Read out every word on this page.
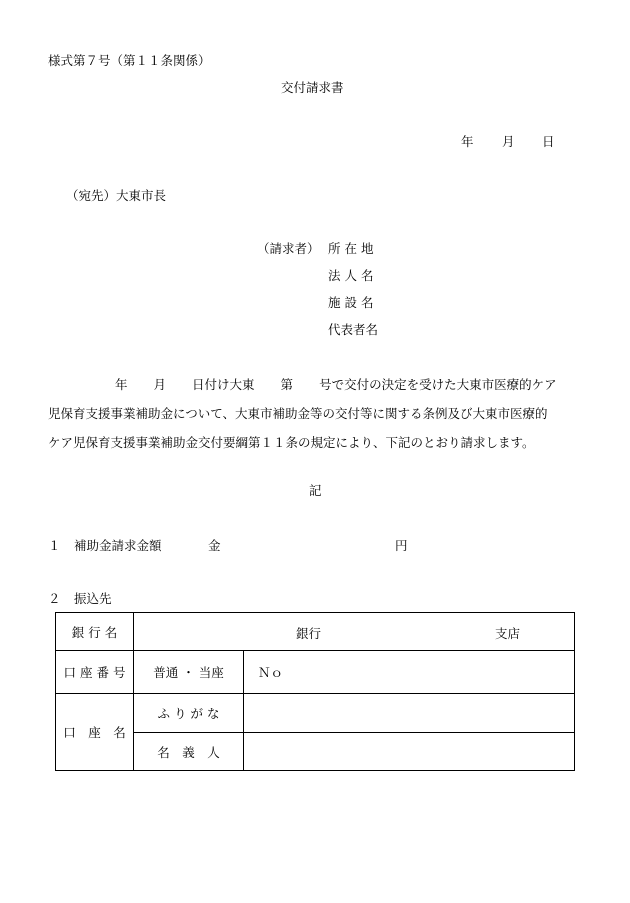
様式第７号（第１１条関係）
交付請求書
年 月 日
（宛先）大東市長
（請求者） 所 在 地
法 人 名
施 設 名
代表者名
年 月 日付け大東 第 号で交付の決定を受けた大東市医療的ケア
児保育支援事業補助金について、大東市補助金等の交付等に関する条例及び大東市医療的
ケア児保育支援事業補助金交付要綱第１１条の規定により、下記のとおり請求します。
記
１ 補助金請求金額	金	円
２ 振込先
銀 行 名	銀行 支店	

口 座 番 号	普通 ・ 当座	Ｎｏ
口　座　名	ふ り が な	
	名　義　人	
